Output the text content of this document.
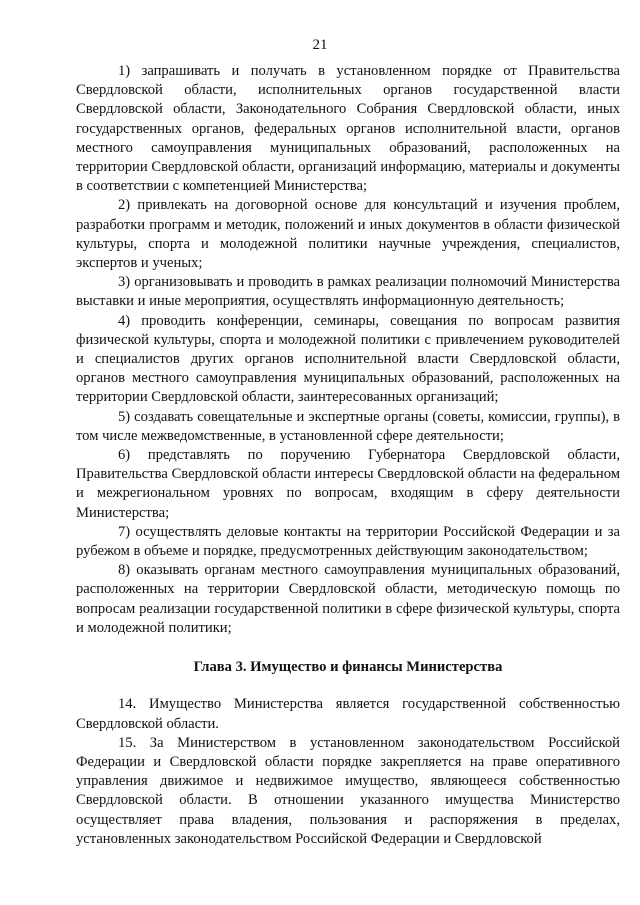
21

1) запрашивать и получать в установленном порядке от Правительства Свердловской области, исполнительных органов государственной власти Свердловской области, Законодательного Собрания Свердловской области, иных государственных органов, федеральных органов исполнительной власти, органов местного самоуправления муниципальных образований, расположенных на территории Свердловской области, организаций информацию, материалы и документы в соответствии с компетенцией Министерства;

2) привлекать на договорной основе для консультаций и изучения проблем, разработки программ и методик, положений и иных документов в области физической культуры, спорта и молодежной политики научные учреждения, специалистов, экспертов и ученых;

3) организовывать и проводить в рамках реализации полномочий Министерства выставки и иные мероприятия, осуществлять информационную деятельность;

4) проводить конференции, семинары, совещания по вопросам развития физической культуры, спорта и молодежной политики с привлечением руководителей и специалистов других органов исполнительной власти Свердловской области, органов местного самоуправления муниципальных образований, расположенных на территории Свердловской области, заинтересованных организаций;

5) создавать совещательные и экспертные органы (советы, комиссии, группы), в том числе межведомственные, в установленной сфере деятельности;

6) представлять по поручению Губернатора Свердловской области, Правительства Свердловской области интересы Свердловской области на федеральном и межрегиональном уровнях по вопросам, входящим в сферу деятельности Министерства;

7) осуществлять деловые контакты на территории Российской Федерации и за рубежом в объеме и порядке, предусмотренных действующим законодательством;

8) оказывать органам местного самоуправления муниципальных образований, расположенных на территории Свердловской области, методическую помощь по вопросам реализации государственной политики в сфере физической культуры, спорта и молодежной политики;

Глава 3. Имущество и финансы Министерства

14. Имущество Министерства является государственной собственностью Свердловской области.

15. За Министерством в установленном законодательством Российской Федерации и Свердловской области порядке закрепляется на праве оперативного управления движимое и недвижимое имущество, являющееся собственностью Свердловской области. В отношении указанного имущества Министерство осуществляет права владения, пользования и распоряжения в пределах, установленных законодательством Российской Федерации и Свердловской
